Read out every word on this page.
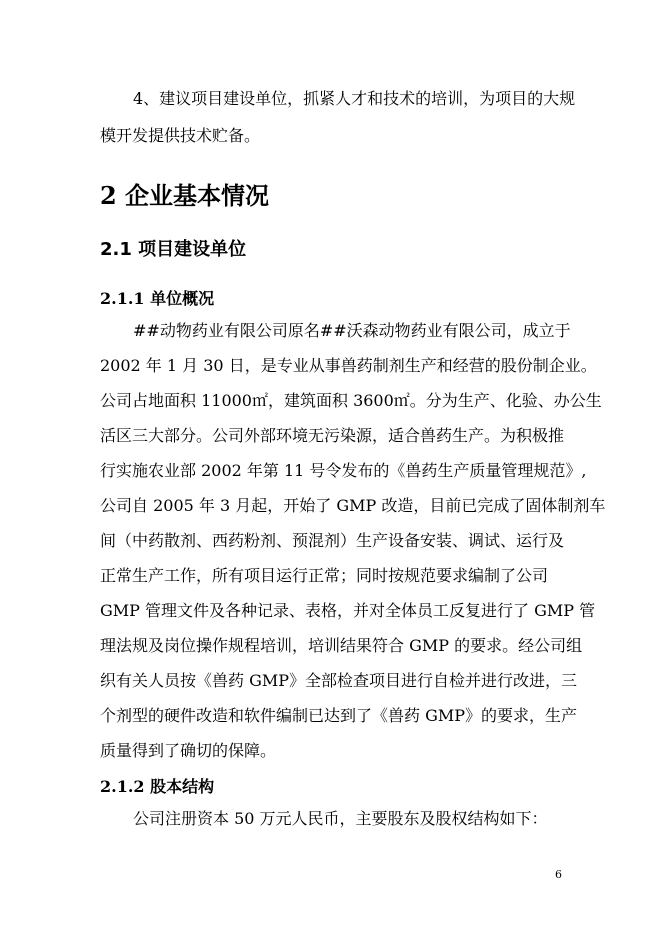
4、建议项目建设单位，抓紧人才和技术的培训，为项目的大规
模开发提供技术贮备。
2 企业基本情况
2.1 项目建设单位
2.1.1 单位概况
##动物药业有限公司原名##沃森动物药业有限公司，成立于
2002 年 1 月 30 日，是专业从事兽药制剂生产和经营的股份制企业。
公司占地面积 11000㎡，建筑面积 3600㎡。分为生产、化验、办公生
活区三大部分。公司外部环境无污染源，适合兽药生产。为积极推
行实施农业部 2002 年第 11 号令发布的《兽药生产质量管理规范》,
公司自 2005 年 3 月起，开始了 GMP 改造，目前已完成了固体制剂车
间（中药散剂、西药粉剂、预混剂）生产设备安装、调试、运行及
正常生产工作，所有项目运行正常；同时按规范要求编制了公司
GMP 管理文件及各种记录、表格，并对全体员工反复进行了 GMP 管
理法规及岗位操作规程培训，培训结果符合 GMP 的要求。经公司组
织有关人员按《兽药 GMP》全部检查项目进行自检并进行改进，三
个剂型的硬件改造和软件编制已达到了《兽药 GMP》的要求，生产
质量得到了确切的保障。
2.1.2 股本结构
公司注册资本 50 万元人民币，主要股东及股权结构如下：
6
